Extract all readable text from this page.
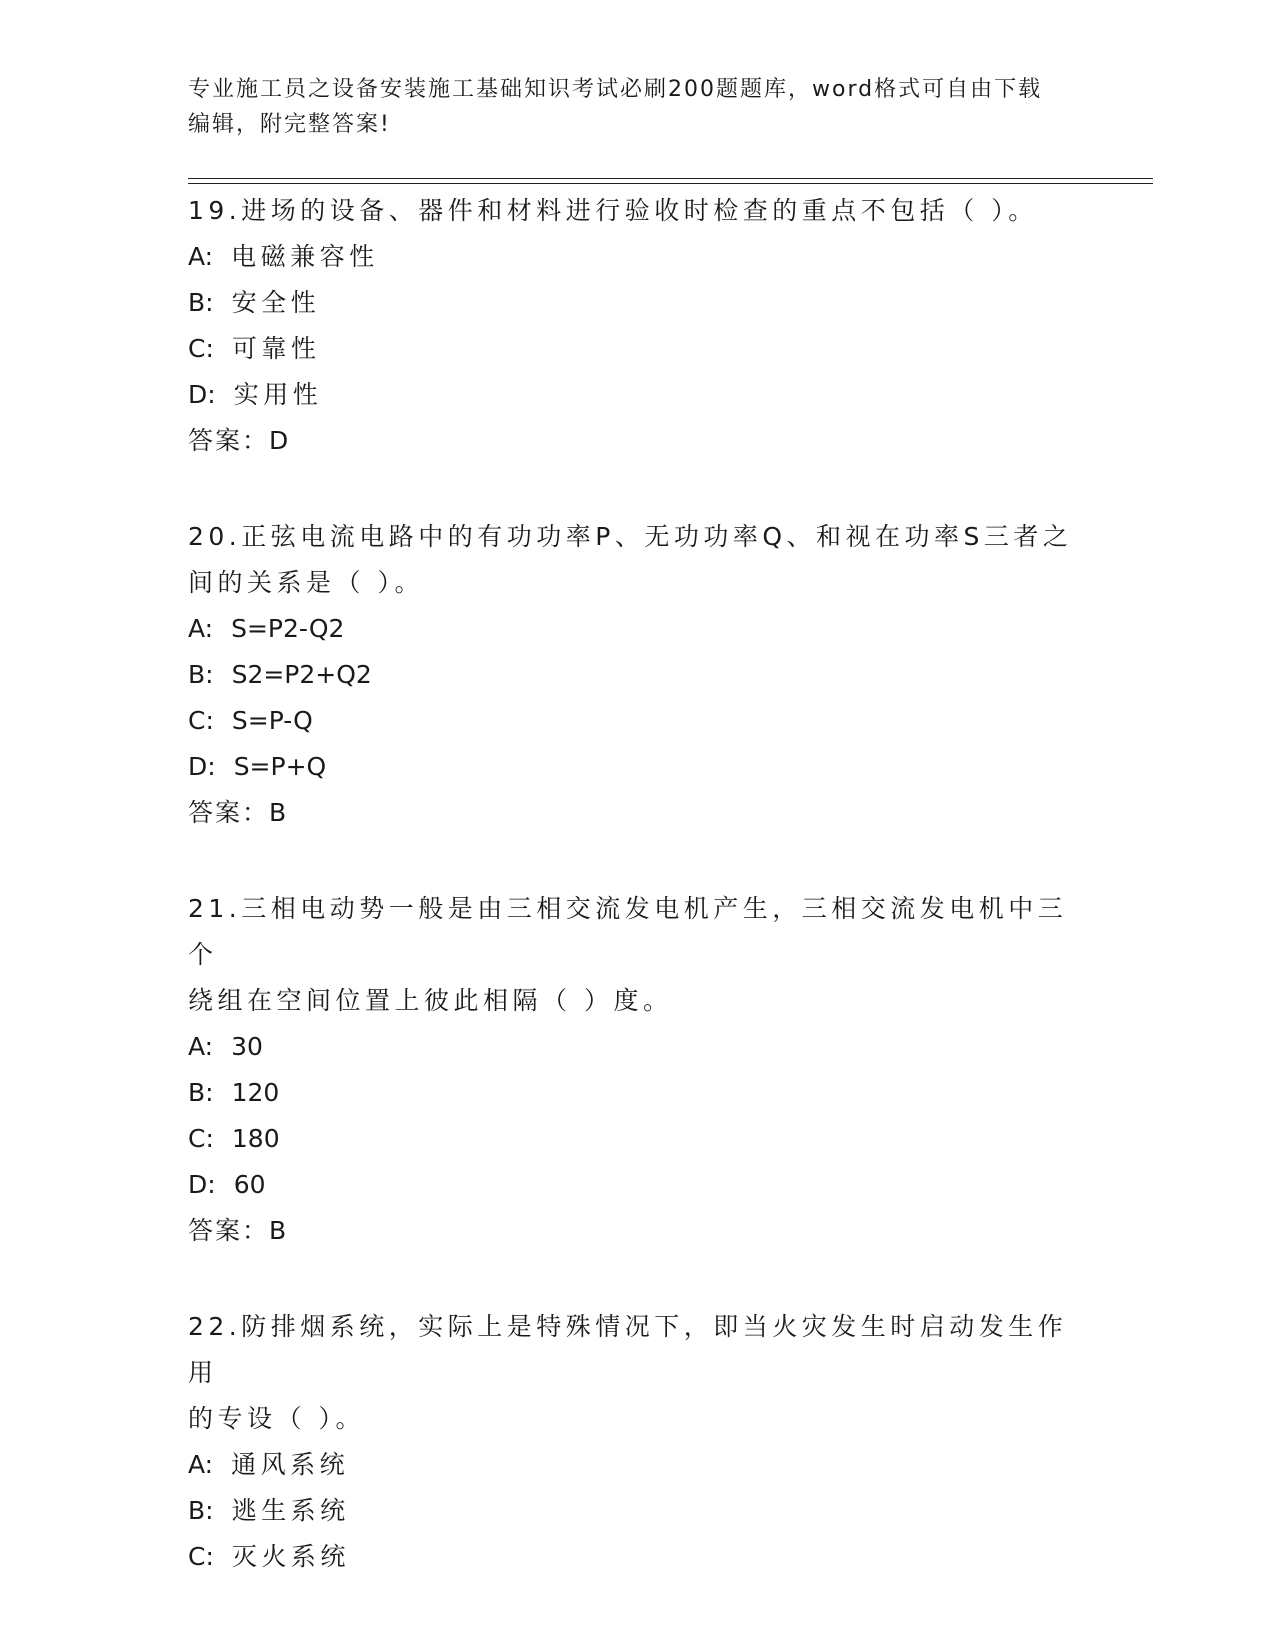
专业施工员之设备安装施工基础知识考试必刷200题题库，word格式可自由下载
编辑，附完整答案!
19.进场的设备、器件和材料进行验收时检查的重点不包括（ ）。
A: 电磁兼容性
B: 安全性
C: 可靠性
D: 实用性
答案：D
20.正弦电流电路中的有功功率P、无功功率Q、和视在功率S三者之
间的关系是（ ）。
A: S=P2-Q2
B: S2=P2+Q2
C: S=P-Q
D: S=P+Q
答案：B
21.三相电动势一般是由三相交流发电机产生，三相交流发电机中三个
绕组在空间位置上彼此相隔（ ）度。
A: 30
B: 120
C: 180
D: 60
答案：B
22.防排烟系统，实际上是特殊情况下，即当火灾发生时启动发生作用
的专设（ ）。
A: 通风系统
B: 逃生系统
C: 灭火系统
